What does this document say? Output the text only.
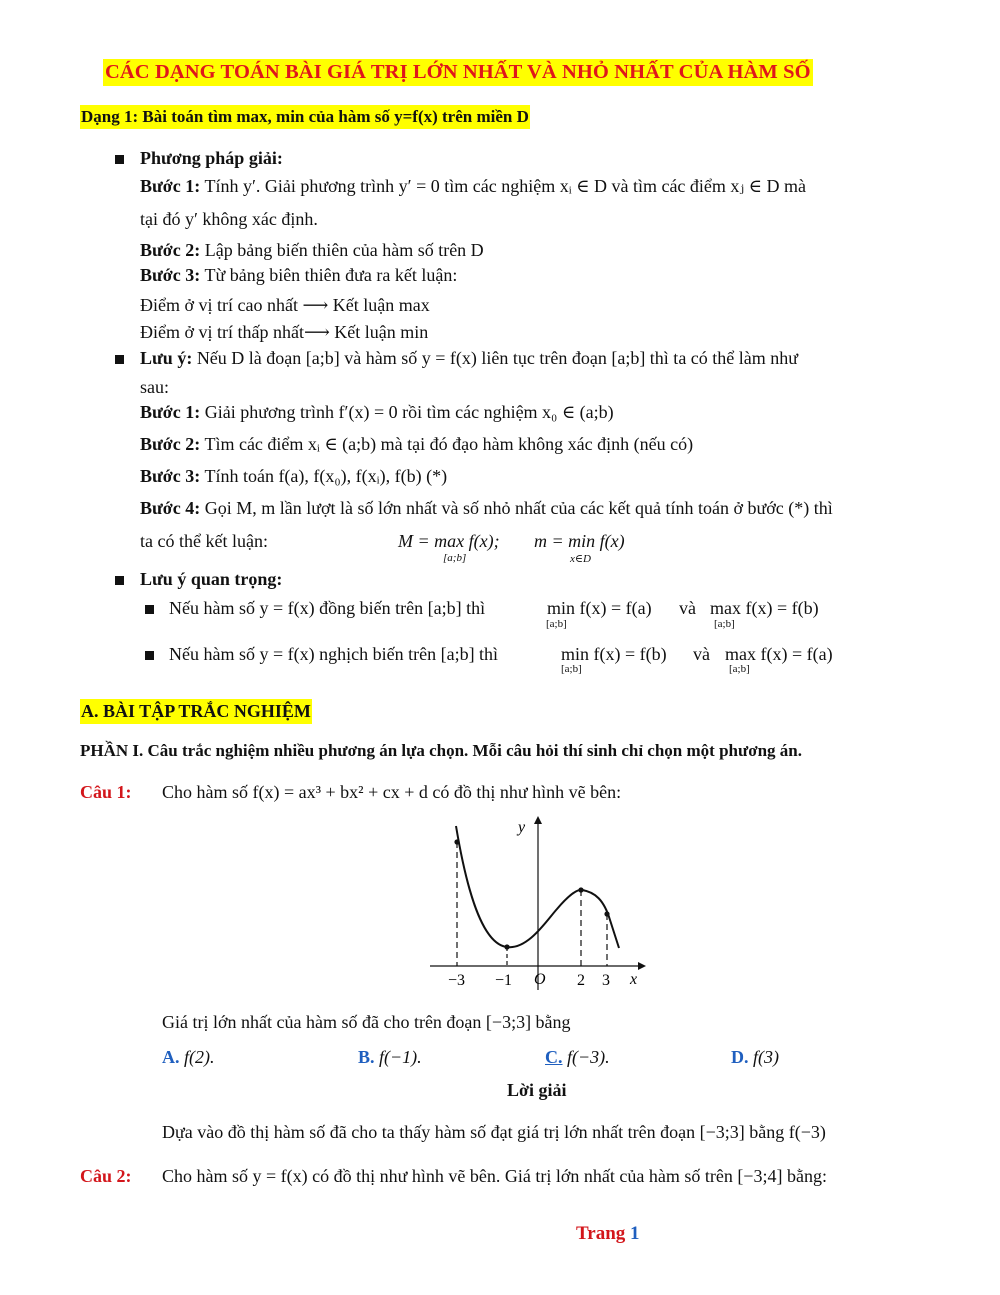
CÁC DẠNG TOÁN BÀI GIÁ TRỊ LỚN NHẤT VÀ NHỎ NHẤT CỦA HÀM SỐ
Dạng 1: Bài toán tìm max, min của hàm số y=f(x) trên miền D
Phương pháp giải:
Bước 1: Tính y′. Giải phương trình y′ = 0 tìm các nghiệm xᵢ ∈ D và tìm các điểm xⱼ ∈ D mà
tại đó y′ không xác định.
Bước 2: Lập bảng biến thiên của hàm số trên D
Bước 3: Từ bảng biên thiên đưa ra kết luận:
Điểm ở vị trí cao nhất ⟶ Kết luận max
Điểm ở vị trí thấp nhất⟶ Kết luận min
Lưu ý: Nếu D là đoạn [a;b] và hàm số y = f(x) liên tục trên đoạn [a;b] thì ta có thể làm như
sau:
Bước 1: Giải phương trình f′(x) = 0 rồi tìm các nghiệm x₀ ∈ (a;b)
Bước 2: Tìm các điểm xᵢ ∈ (a;b) mà tại đó đạo hàm không xác định (nếu có)
Bước 3: Tính toán f(a), f(x₀), f(xᵢ), f(b) (*)
Bước 4: Gọi M, m lần lượt là số lớn nhất và số nhỏ nhất của các kết quả tính toán ở bước (*) thì
ta có thể kết luận:	M = max f(x);
[a;b]
m = min f(x)
x∈D
Lưu ý quan trọng:
Nếu hàm số y = f(x) đồng biến trên [a;b] thì	min f(x) = f(a)
[a;b]
và max f(x) = f(b)
[a;b]
Nếu hàm số y = f(x) nghịch biến trên [a;b] thì	min f(x) = f(b)
[a;b]
và max f(x) = f(a)
[a;b]
A. BÀI TẬP TRẮC NGHIỆM
PHẦN I. Câu trắc nghiệm nhiều phương án lựa chọn. Mỗi câu hỏi thí sinh chỉ chọn một phương án.
Câu 1: Cho hàm số f(x) = ax³ + bx² + cx + d có đồ thị như hình vẽ bên:
y
x
O
−3 −1	2 3
Giá trị lớn nhất của hàm số đã cho trên đoạn [−3;3] bằng
A. f(2).	B. f(−1).	C. f(−3).	D. f(3)
Lời giải
Dựa vào đồ thị hàm số đã cho ta thấy hàm số đạt giá trị lớn nhất trên đoạn [−3;3] bằng f(−3)
Câu 2: Cho hàm số y = f(x) có đồ thị như hình vẽ bên. Giá trị lớn nhất của hàm số trên [−3;4] bằng:
Trang 1
